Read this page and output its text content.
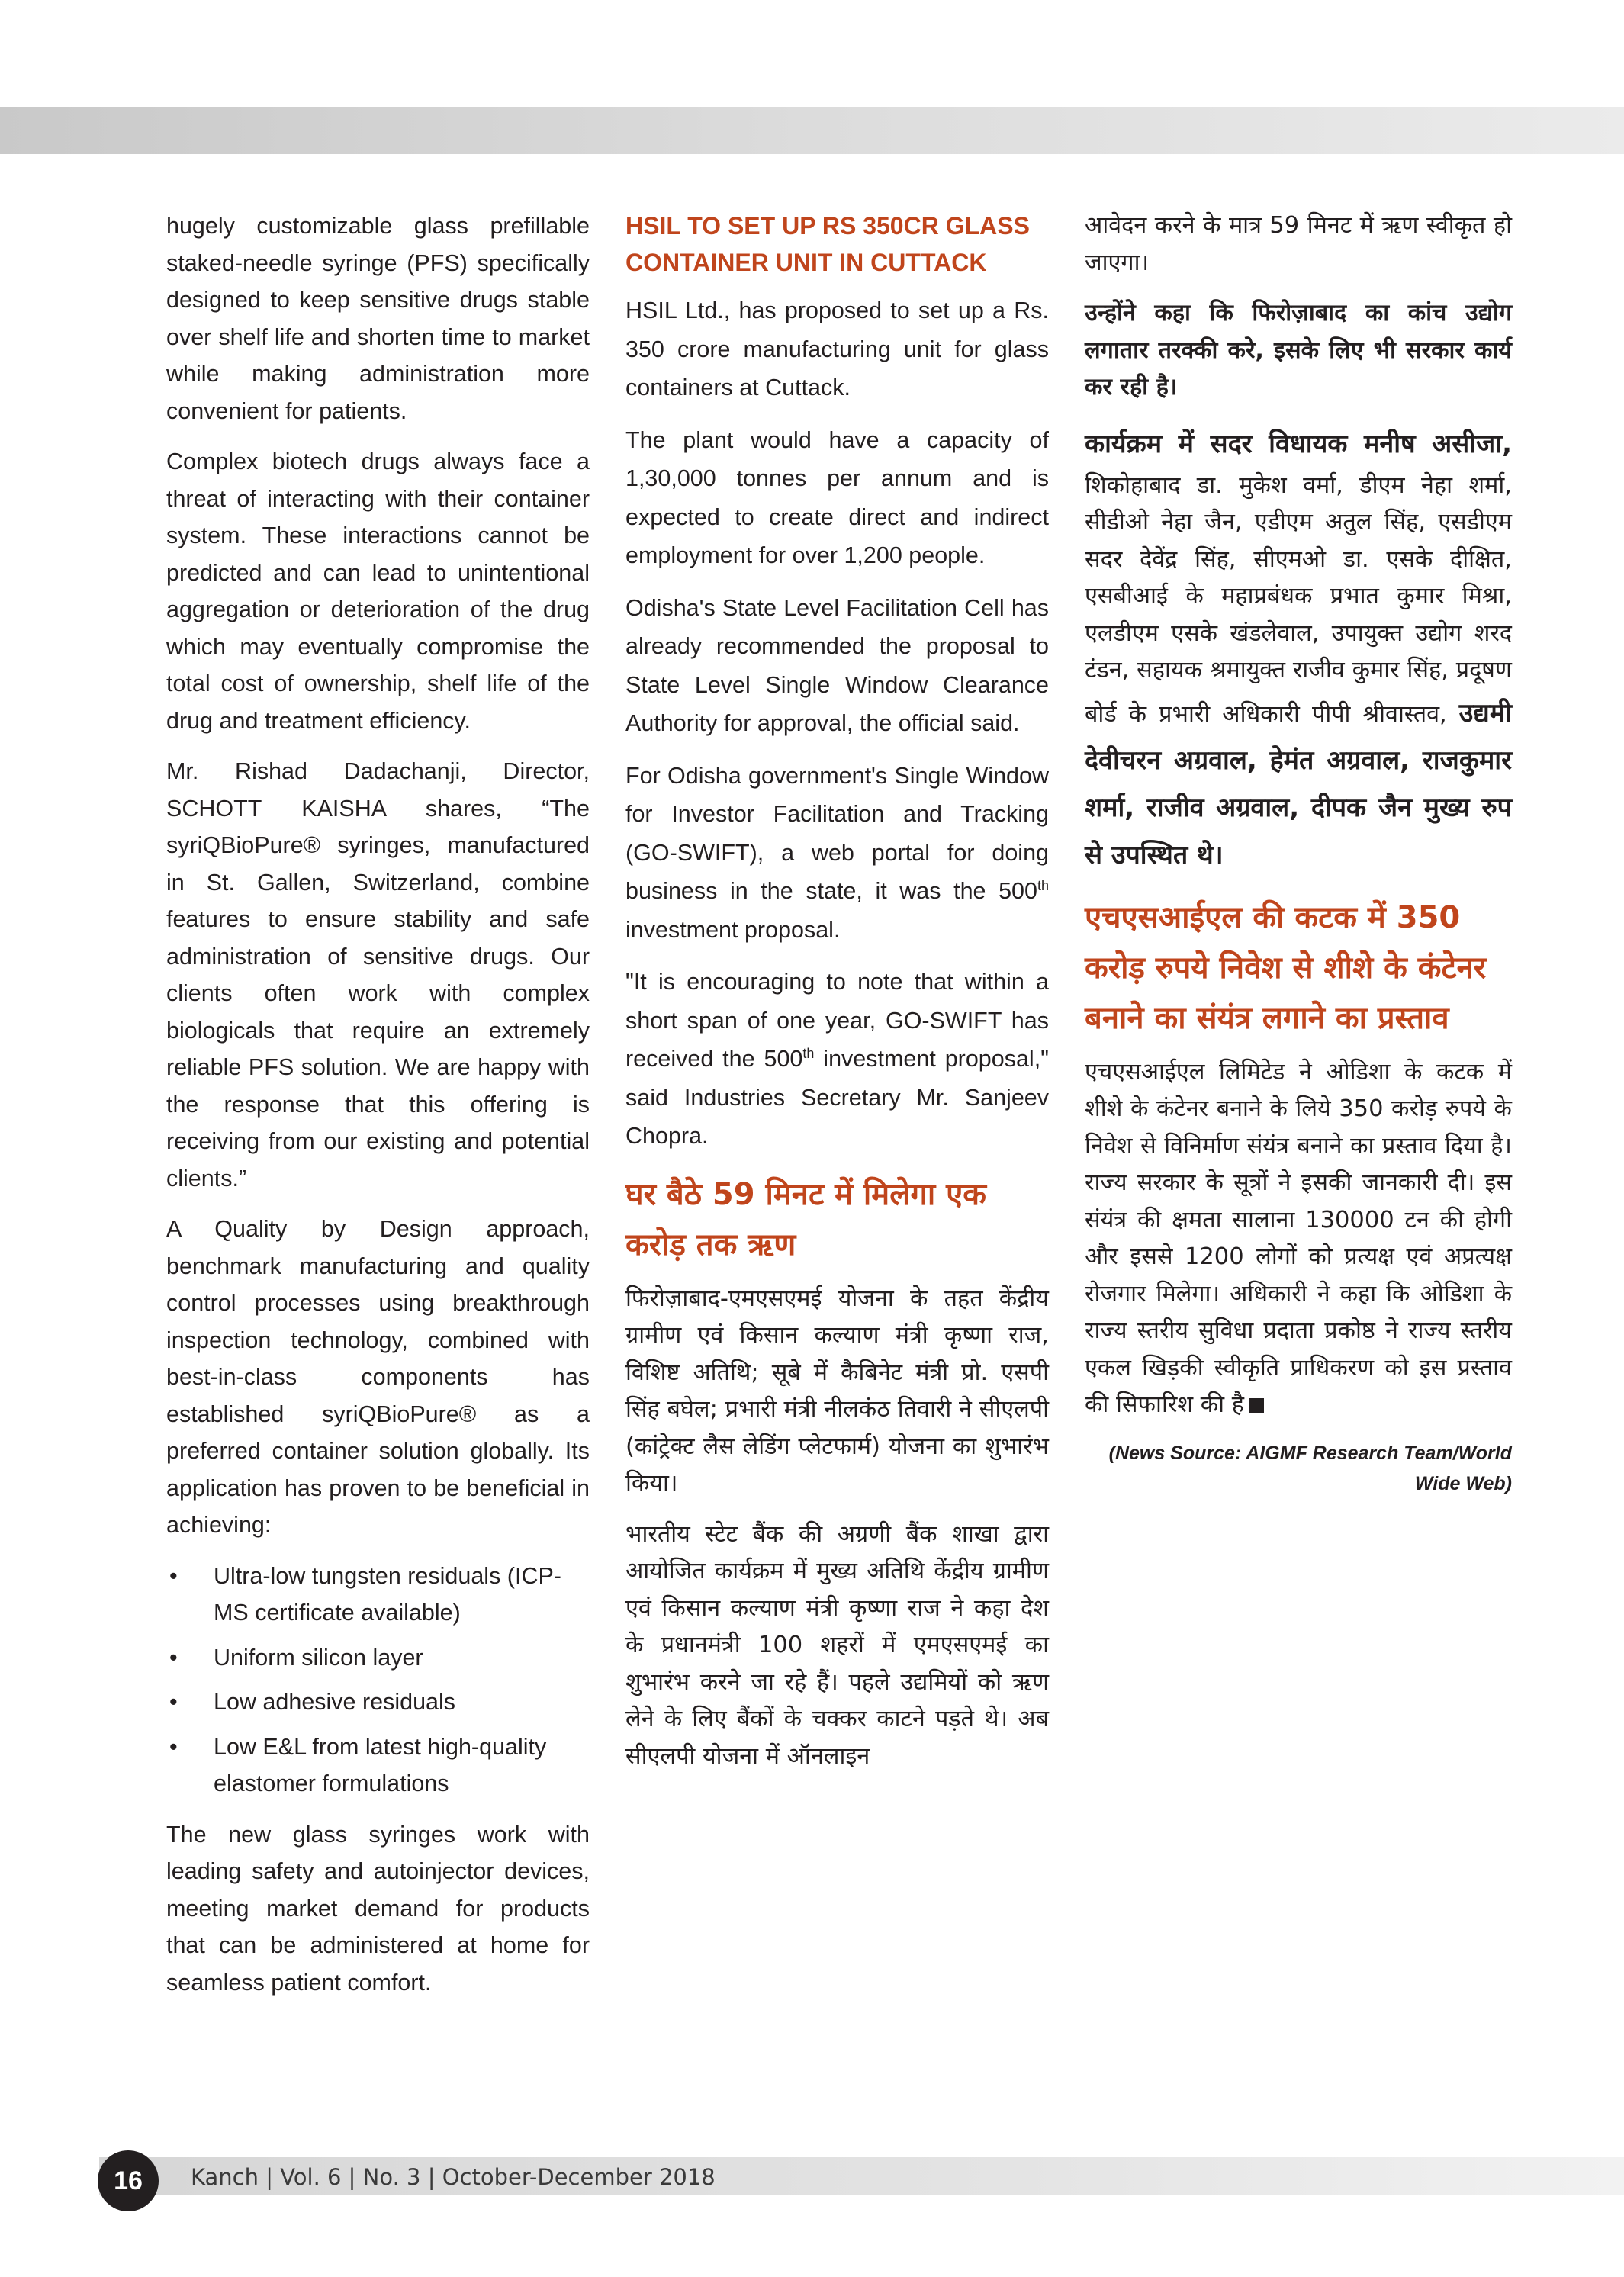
hugely customizable glass prefillable staked-needle syringe (PFS) specifically designed to keep sensitive drugs stable over shelf life and shorten time to market while making administration more convenient for patients.

Complex biotech drugs always face a threat of interacting with their container system. These interactions cannot be predicted and can lead to unintentional aggregation or deterioration of the drug which may eventually compromise the total cost of ownership, shelf life of the drug and treatment efficiency.

Mr. Rishad Dadachanji, Director, SCHOTT KAISHA shares, “The syriQBioPure® syringes, manufactured in St. Gallen, Switzerland, combine features to ensure stability and safe administration of sensitive drugs. Our clients often work with complex biologicals that require an extremely reliable PFS solution. We are happy with the response that this offering is receiving from our existing and potential clients.”

A Quality by Design approach, benchmark manufacturing and quality control processes using breakthrough inspection technology, combined with best-in-class components has established syriQBioPure® as a preferred container solution globally. Its application has proven to be beneficial in achieving:

• Ultra-low tungsten residuals (ICP-MS certificate available)
• Uniform silicon layer
• Low adhesive residuals
• Low E&L from latest high-quality elastomer formulations

The new glass syringes work with leading safety and autoinjector devices, meeting market demand for products that can be administered at home for seamless patient comfort.

HSIL TO SET UP RS 350CR GLASS CONTAINER UNIT IN CUTTACK

HSIL Ltd., has proposed to set up a Rs. 350 crore manufacturing unit for glass containers at Cuttack.

The plant would have a capacity of 1,30,000 tonnes per annum and is expected to create direct and indirect employment for over 1,200 people.

Odisha's State Level Facilitation Cell has already recommended the proposal to State Level Single Window Clearance Authority for approval, the official said.

For Odisha government's Single Window for Investor Facilitation and Tracking (GO-SWIFT), a web portal for doing business in the state, it was the 500th investment proposal.

"It is encouraging to note that within a short span of one year, GO-SWIFT has received the 500th investment proposal," said Industries Secretary Mr. Sanjeev Chopra.

घर बैठे 59 मिनट में मिलेगा एक करोड़ तक ऋण

फिरोज़ाबाद-एमएसएमई योजना के तहत केंद्रीय ग्रामीण एवं किसान कल्याण मंत्री कृष्णा राज, विशिष्ट अतिथि; सूबे में कैबिनेट मंत्री प्रो. एसपी सिंह बघेल; प्रभारी मंत्री नीलकंठ तिवारी ने सीएलपी (कांट्रेक्ट लैस लेडिंग प्लेटफार्म) योजना का शुभारंभ किया।

भारतीय स्टेट बैंक की अग्रणी बैंक शाखा द्वारा आयोजित कार्यक्रम में मुख्य अतिथि केंद्रीय ग्रामीण एवं किसान कल्याण मंत्री कृष्णा राज ने कहा देश के प्रधानमंत्री 100 शहरों में एमएसएमई का शुभारंभ करने जा रहे हैं। पहले उद्यमियों को ऋण लेने के लिए बैंकों के चक्कर काटने पड़ते थे। अब सीएलपी योजना में ऑनलाइन

आवेदन करने के मात्र 59 मिनट में ऋण स्वीकृत हो जाएगा।

उन्होंने कहा कि फिरोज़ाबाद का कांच उद्योग लगातार तरक्की करे, इसके लिए भी सरकार कार्य कर रही है।

कार्यक्रम में सदर विधायक मनीष असीजा, शिकोहाबाद डा. मुकेश वर्मा, डीएम नेहा शर्मा, सीडीओ नेहा जैन, एडीएम अतुल सिंह, एसडीएम सदर देवेंद्र सिंह, सीएमओ डा. एसके दीक्षित, एसबीआई के महाप्रबंधक प्रभात कुमार मिश्रा, एलडीएम एसके खंडलेवाल, उपायुक्त उद्योग शरद टंडन, सहायक श्रमायुक्त राजीव कुमार सिंह, प्रदूषण बोर्ड के प्रभारी अधिकारी पीपी श्रीवास्तव, उद्यमी देवीचरन अग्रवाल, हेमंत अग्रवाल, राजकुमार शर्मा, राजीव अग्रवाल, दीपक जैन मुख्य रुप से उपस्थित थे।

एचएसआईएल की कटक में 350 करोड़ रुपये निवेश से शीशे के कंटेनर बनाने का संयंत्र लगाने का प्रस्ताव

एचएसआईएल लिमिटेड ने ओडिशा के कटक में शीशे के कंटेनर बनाने के लिये 350 करोड़ रुपये के निवेश से विनिर्माण संयंत्र बनाने का प्रस्ताव दिया है। राज्य सरकार के सूत्रों ने इसकी जानकारी दी। इस संयंत्र की क्षमता सालाना 130000 टन की होगी और इससे 1200 लोगों को प्रत्यक्ष एवं अप्रत्यक्ष रोजगार मिलेगा। अधिकारी ने कहा कि ओडिशा के राज्य स्तरीय सुविधा प्रदाता प्रकोष्ठ ने राज्य स्तरीय एकल खिड़की स्वीकृति प्राधिकरण को इस प्रस्ताव की सिफारिश की है

(News Source: AIGMF Research Team/World Wide Web)
16	Kanch | Vol. 6 | No. 3 | October-December 2018
